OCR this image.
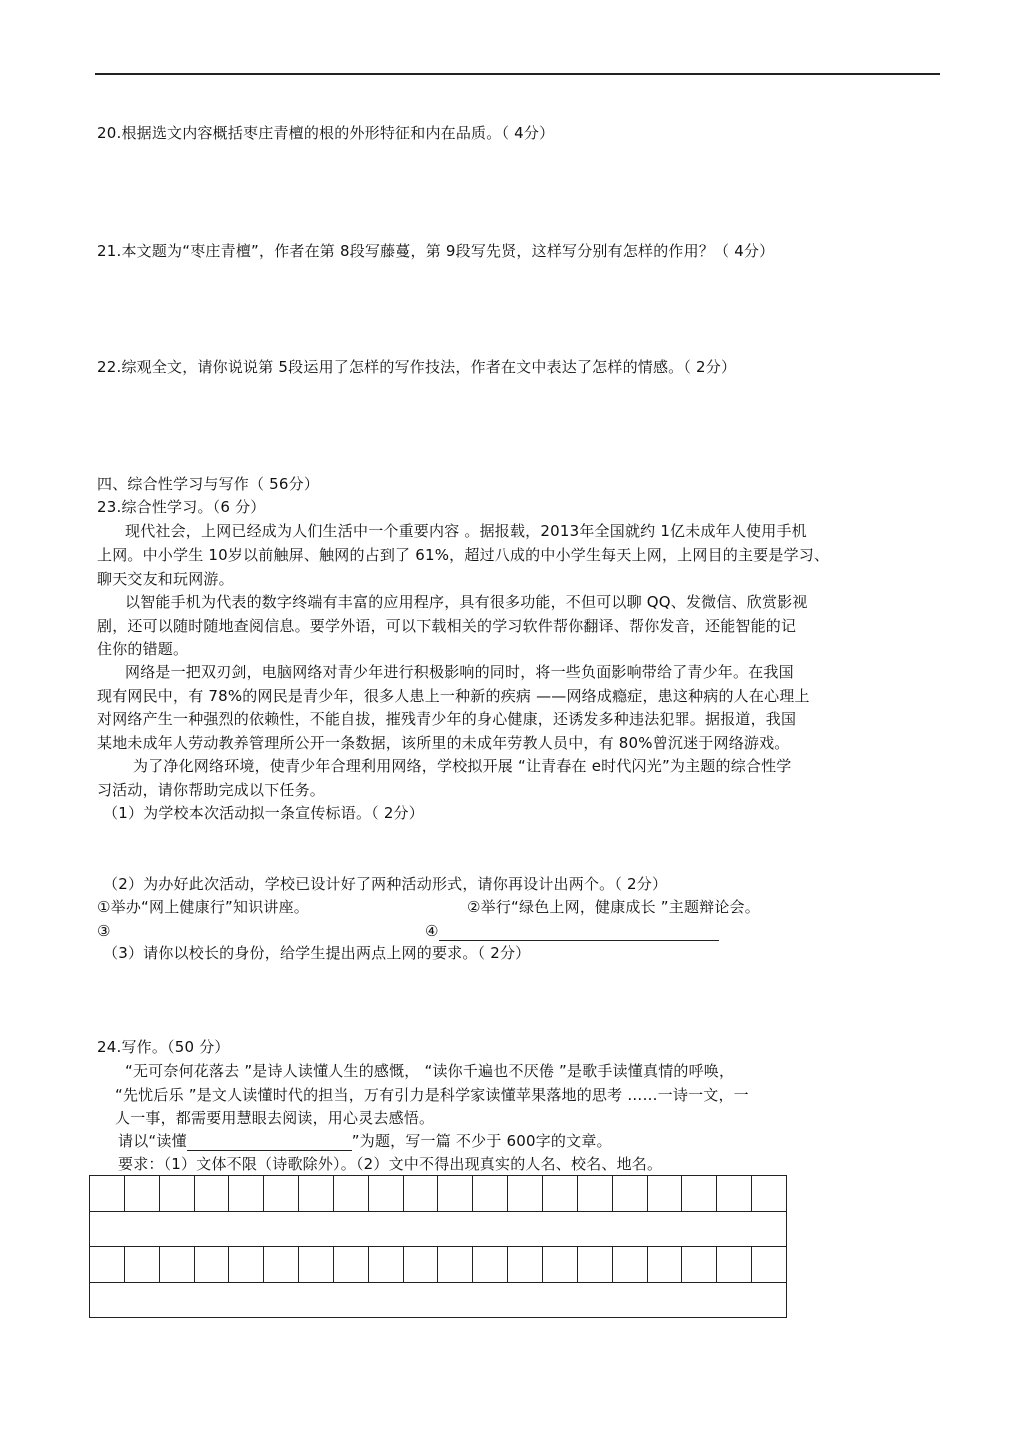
20.根据选文内容概括枣庄青檀的根的外形特征和内在品质。（ 4分）
21.本文题为“枣庄青檀”，作者在第 8段写藤蔓，第 9段写先贤，这样写分别有怎样的作用？（ 4分）
22.综观全文，请你说说第 5段运用了怎样的写作技法，作者在文中表达了怎样的情感。（ 2分）
四、综合性学习与写作（ 56分）
23.综合性学习。（6 分）
现代社会，上网已经成为人们生活中一个重要内容 。据报载，2013年全国就约 1亿未成年人使用手机
上网。中小学生 10岁以前触屏、触网的占到了 61%，超过八成的中小学生每天上网，上网目的主要是学习、
聊天交友和玩网游。
以智能手机为代表的数字终端有丰富的应用程序，具有很多功能，不但可以聊 QQ、发微信、欣赏影视
剧，还可以随时随地查阅信息。要学外语，可以下载相关的学习软件帮你翻译、帮你发音，还能智能的记
住你的错题。
网络是一把双刃剑，电脑网络对青少年进行积极影响的同时，将一些负面影响带给了青少年。在我国
现有网民中，有 78%的网民是青少年，很多人患上一种新的疾病 ——网络成瘾症，患这种病的人在心理上
对网络产生一种强烈的依赖性，不能自拔，摧残青少年的身心健康，还诱发多种违法犯罪。据报道，我国
某地未成年人劳动教养管理所公开一条数据，该所里的未成年劳教人员中，有 80%曾沉迷于网络游戏。
为了净化网络环境，使青少年合理利用网络，学校拟开展 “让青春在 e时代闪光”为主题的综合性学
习活动，请你帮助完成以下任务。
（1）为学校本次活动拟一条宣传标语。（ 2分）
（2）为办好此次活动，学校已设计好了两种活动形式，请你再设计出两个。（ 2分）
①举办“网上健康行”知识讲座。	②举行“绿色上网，健康成长 ”主题辩论会。
③	④
（3）请你以校长的身份，给学生提出两点上网的要求。（ 2分）
24.写作。（50 分）
“无可奈何花落去 ”是诗人读懂人生的感慨， “读你千遍也不厌倦 ”是歌手读懂真情的呼唤，
“先忧后乐 ”是文人读懂时代的担当，万有引力是科学家读懂苹果落地的思考 ……一诗一文，一
人一事，都需要用慧眼去阅读，用心灵去感悟。
请以“读懂	”为题，写一篇 不少于 600字的文章。
要求：（1）文体不限（诗歌除外）。（2）文中不得出现真实的人名、校名、地名。
